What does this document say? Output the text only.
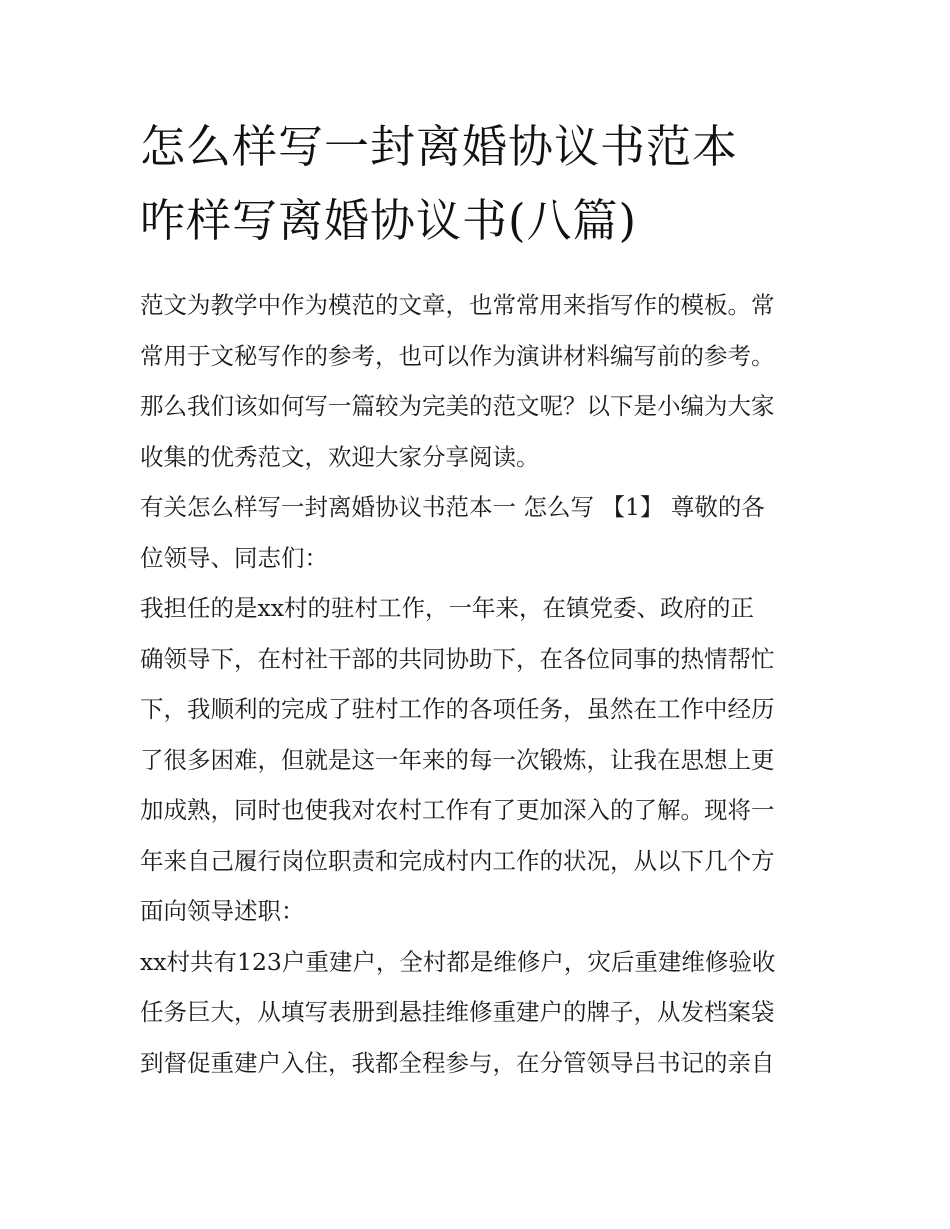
怎么样写一封离婚协议书范本
咋样写离婚协议书(八篇)

范文为教学中作为模范的文章，也常常用来指写作的模板。常
常用于文秘写作的参考，也可以作为演讲材料编写前的参考。
那么我们该如何写一篇较为完美的范文呢？以下是小编为大家
收集的优秀范文，欢迎大家分享阅读。

有关怎么样写一封离婚协议书范本一 怎么写 【1】 尊敬的各
位领导、同志们：

我担任的是xx村的驻村工作，一年来，在镇党委、政府的正
确领导下，在村社干部的共同协助下，在各位同事的热情帮忙
下，我顺利的完成了驻村工作的各项任务，虽然在工作中经历
了很多困难，但就是这一年来的每一次锻炼，让我在思想上更
加成熟，同时也使我对农村工作有了更加深入的了解。现将一
年来自己履行岗位职责和完成村内工作的状况，从以下几个方
面向领导述职：

xx村共有123户重建户，全村都是维修户，灾后重建维修验收
任务巨大，从填写表册到悬挂维修重建户的牌子，从发档案袋
到督促重建户入住，我都全程参与，在分管领导吕书记的亲自
